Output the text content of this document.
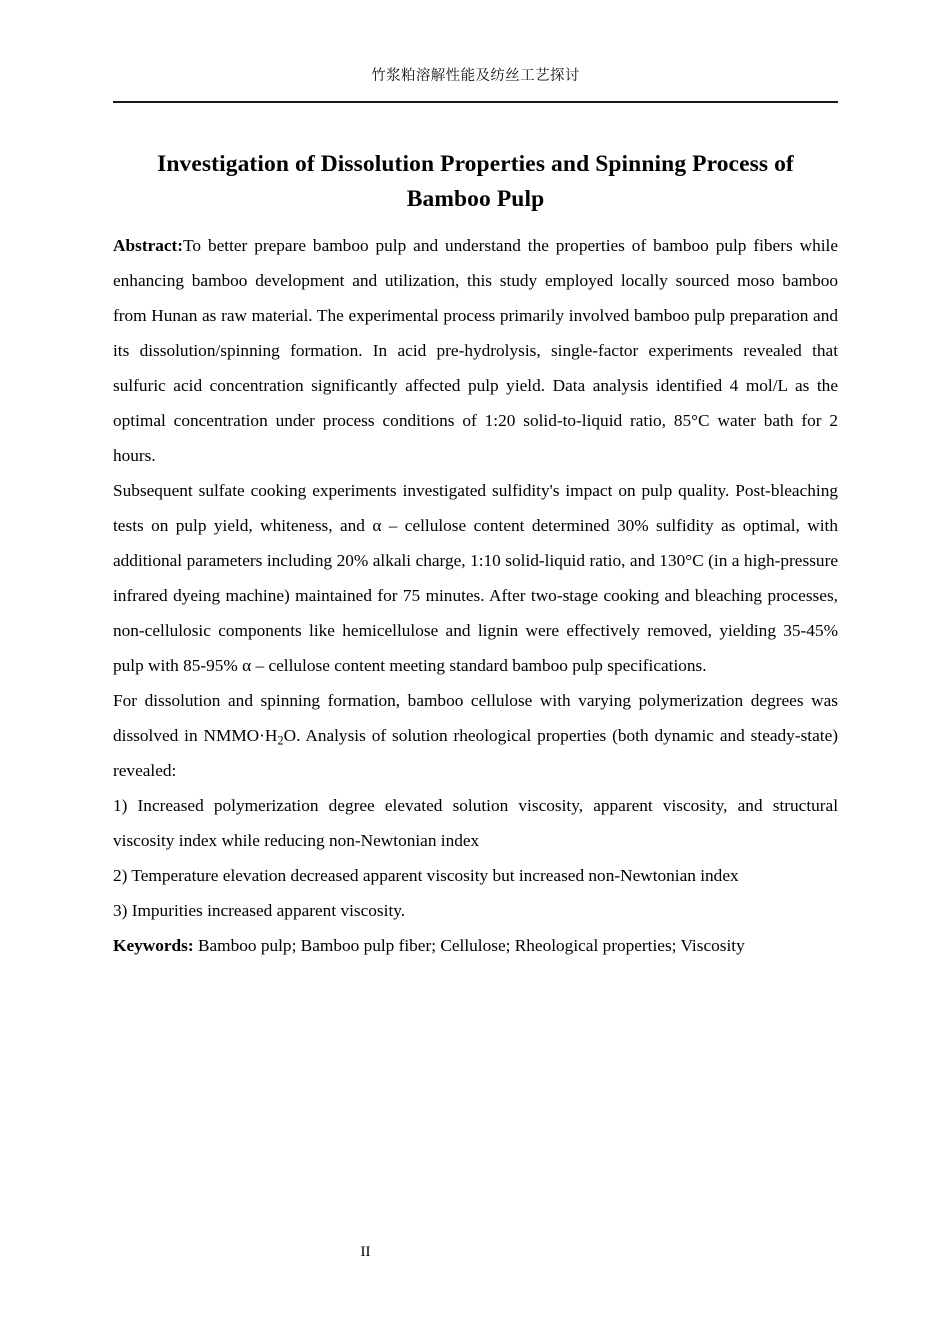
竹浆粕溶解性能及纺丝工艺探讨
Investigation of Dissolution Properties and Spinning Process of Bamboo Pulp

Abstract:To better prepare bamboo pulp and understand the properties of bamboo pulp fibers while enhancing bamboo development and utilization, this study employed locally sourced moso bamboo from Hunan as raw material. The experimental process primarily involved bamboo pulp preparation and its dissolution/spinning formation. In acid pre-hydrolysis, single-factor experiments revealed that sulfuric acid concentration significantly affected pulp yield. Data analysis identified 4 mol/L as the optimal concentration under process conditions of 1:20 solid-to-liquid ratio, 85°C water bath for 2 hours.

Subsequent sulfate cooking experiments investigated sulfidity's impact on pulp quality. Post-bleaching tests on pulp yield, whiteness, and α – cellulose content determined 30% sulfidity as optimal, with additional parameters including 20% alkali charge, 1:10 solid-liquid ratio, and 130°C (in a high-pressure infrared dyeing machine) maintained for 75 minutes. After two-stage cooking and bleaching processes, non-cellulosic components like hemicellulose and lignin were effectively removed, yielding 35-45% pulp with 85-95% α – cellulose content meeting standard bamboo pulp specifications.

For dissolution and spinning formation, bamboo cellulose with varying polymerization degrees was dissolved in $NMMO\cdot H_2O$. Analysis of solution rheological properties (both dynamic and steady-state) revealed:

1) Increased polymerization degree elevated solution viscosity, apparent viscosity, and structural viscosity index while reducing non-Newtonian index

2) Temperature elevation decreased apparent viscosity but increased non-Newtonian index

3) Impurities increased apparent viscosity.

Keywords: Bamboo pulp; Bamboo pulp fiber; Cellulose; Rheological properties; Viscosity

II
